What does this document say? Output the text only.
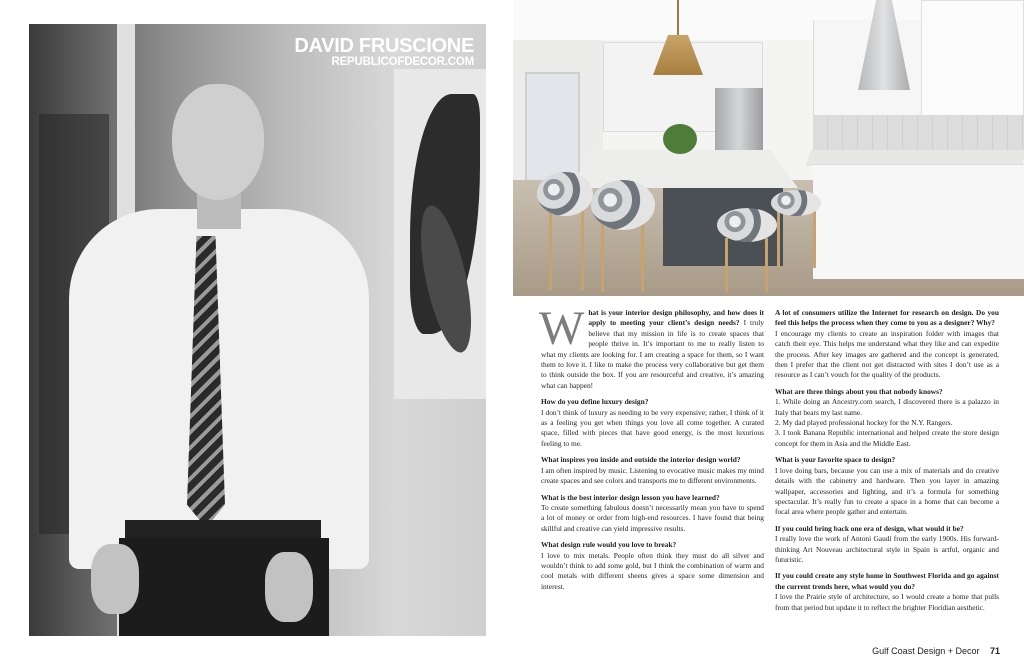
DAVID FRUSCIONE
REPUBLICOFDECOR.COM

What is your interior design philosophy, and how does it apply to meeting your client’s design needs? I truly believe that my mission in life is to create spaces that people thrive in. It’s important to me to really listen to what my clients are looking for. I am creating a space for them, so I want them to love it. I like to make the process very collaborative but get them to think outside the box. If you are resourceful and creative, it’s amazing what can happen!

How do you define luxury design?
I don’t think of luxury as needing to be very expensive; rather, I think of it as a feeling you get when things you love all come together. A curated space, filled with pieces that have good energy, is the most luxurious feeling to me.

What inspires you inside and outside the interior design world?
I am often inspired by music. Listening to evocative music makes my mind create spaces and see colors and transports me to different environments.

What is the best interior design lesson you have learned?
To create something fabulous doesn’t necessarily mean you have to spend a lot of money or order from high-end resources. I have found that being skillful and creative can yield impressive results.

What design rule would you love to break?
I love to mix metals. People often think they must do all silver and wouldn’t think to add some gold, but I think the combination of warm and cool metals with different sheens gives a space some dimension and interest.

A lot of consumers utilize the Internet for research on design. Do you feel this helps the process when they come to you as a designer? Why?
I encourage my clients to create an inspiration folder with images that catch their eye. This helps me understand what they like and can expedite the process. After key images are gathered and the concept is generated, then I prefer that the client not get distracted with sites I don’t use as a resource as I can’t vouch for the quality of the products.

What are three things about you that nobody knows?
1. While doing an Ancestry.com search, I discovered there is a palazzo in Italy that bears my last name.
2. My dad played professional hockey for the N.Y. Rangers.
3. I took Banana Republic international and helped create the store design concept for them in Asia and the Middle East.

What is your favorite space to design?
I love doing bars, because you can use a mix of materials and do creative details with the cabinetry and hardware. Then you layer in amazing wallpaper, accessories and lighting, and it’s a formula for something spectacular. It’s really fun to create a space in a home that can become a focal area where people gather and entertain.

If you could bring back one era of design, what would it be?
I really love the work of Antoni Gaudí from the early 1900s. His forward-thinking Art Nouveau architectural style in Spain is artful, organic and futuristic.

If you could create any style home in Southwest Florida and go against the current trends here, what would you do?
I love the Prairie style of architecture, so I would create a home that pulls from that period but update it to reflect the brighter Floridian aesthetic.

Gulf Coast Design + Decor 71
